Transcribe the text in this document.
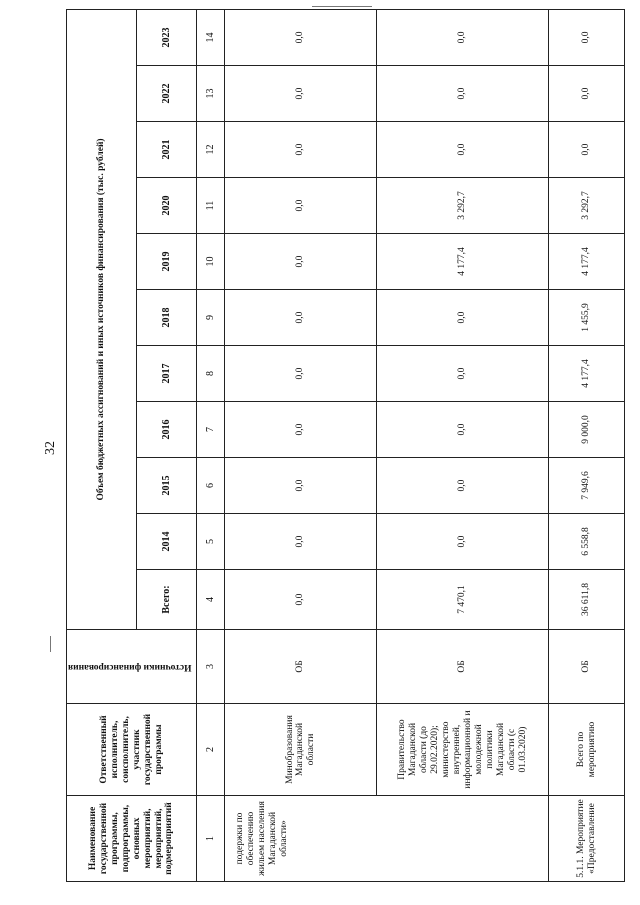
32
Наименование государственной программы, подпрограммы, основных мероприятий, мероприятий, подмероприятий	Ответственный исполнитель, соисполнитель, участник государственной программы	Источники финансирования	Объем бюджетных ассигнований и иных источников финансирования (тыс. рублей)										
			Всего:	2014	2015	2016	2017	2018	2019	2020	2021	2022	2023
1	2	3	4	5	6	7	8	9	10	11	12	13	14
подержки по обеспечению жильем населения Магаданской области»	Минобразования Магаданской области	ОБ	0,0	0,0	0,0	0,0	0,0	0,0	0,0	0,0	0,0	0,0	0,0
	Правительство Магаданской области (до 29.02.2020); министерство внутренней, информационной и молодежной политики Магаданской области (с 01.03.2020)	ОБ	7 470,1	0,0	0,0	0,0	0,0	0,0	4 177,4	3 292,7	0,0	0,0	0,0
5.1.1. Мероприятие «Предоставление	Всего по мероприятию	ОБ	36 611,8	6 558,8	7 949,6	9 000,0	4 177,4	1 455,9	4 177,4	3 292,7	0,0	0,0	0,0
